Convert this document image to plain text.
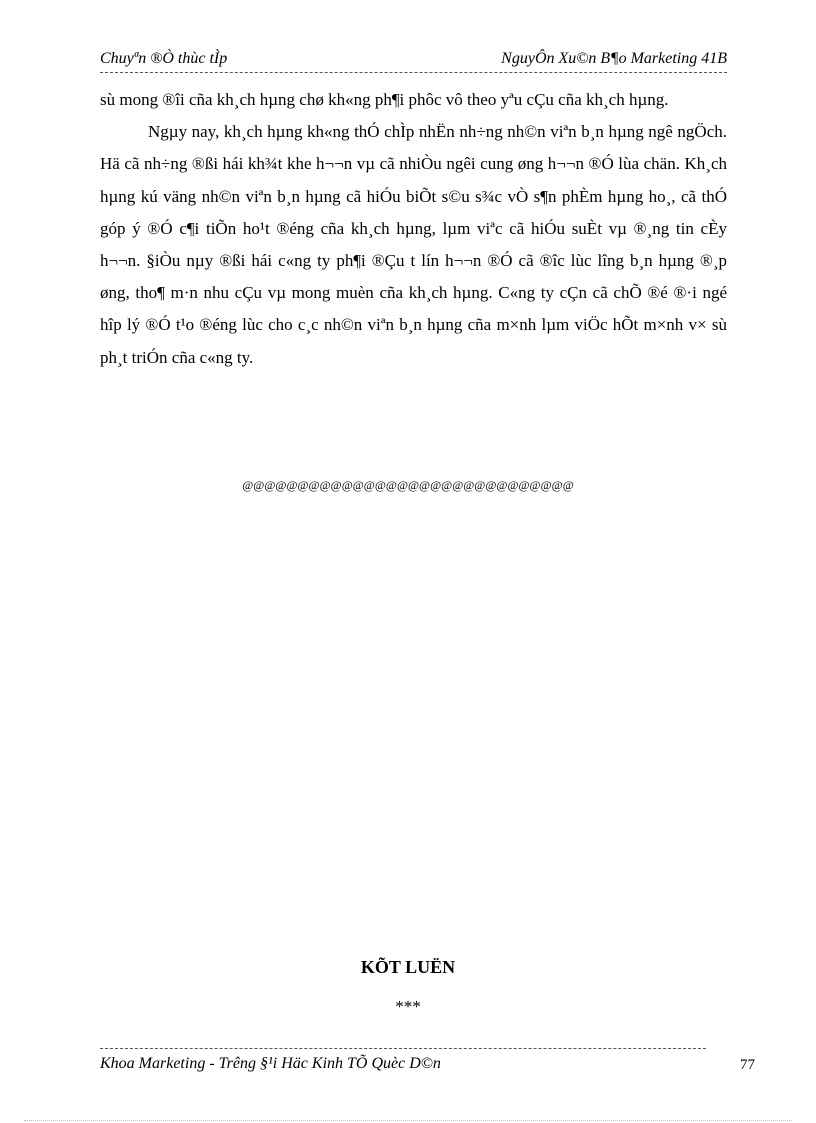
Chuyªn ®Ò thùc tÌp	NguyÔn Xu©n B¶o Marketing 41B

sù mong ®îi cña kh¸ch hµng chø kh«ng ph¶i phôc vô theo yªu cÇu cña kh¸ch hµng.

Ngµy nay, kh¸ch hµng kh«ng thÓ chÌp nhËn nh÷ng nh©n viªn b¸n hµng ngê ngÖch. Hä cã nh÷ng ®ßi hái kh¾t khe h¬¬n vµ cã nhiÒu ngêi cung øng h¬¬n ®Ó lùa chän. Kh¸ch hµng kú väng nh©n viªn b¸n hµng cã hiÓu biÕt s©u s¾c vÒ s¶n phÈm hµng ho¸, cã thÓ góp ý ®Ó c¶i tiÕn ho¹t ®éng cña kh¸ch hµng, lµm viªc cã hiÓu suÈt vµ ®¸ng tin cÈy h¬¬n. §iÒu nµy ®ßi hái c«ng ty ph¶i ®Çu t lín h¬¬n ®Ó cã ®îc lùc lîng b¸n hµng ®¸p øng, tho¶ m·n nhu cÇu vµ mong muèn cña kh¸ch hµng. C«ng ty cÇn cã chÕ ®é ®·i ngé hîp lý ®Ó t¹o ®éng lùc cho c¸c nh©n viªn b¸n hµng cña m×nh lµm viÖc hÕt m×nh v× sù ph¸t triÓn cña c«ng ty.

@@@@@@@@@@@@@@@@@@@@@@@@@@@@@@
KÕT LUËN
***
Khoa Marketing - Trêng §¹i Häc Kinh TÕ Quèc D©n	77
